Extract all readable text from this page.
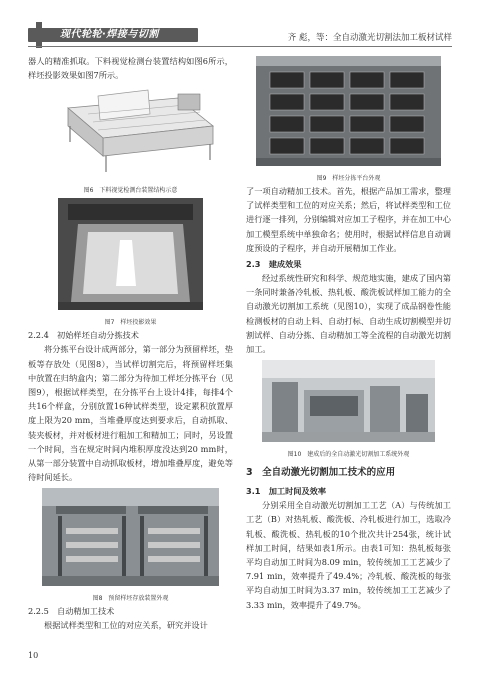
现代轮轮·焊接与切割	齐 彪，等：全自动激光切割法加工板材试样

器人的精准抓取。下料视觉检测台装置结构如图6所示，样坯投影效果如图7所示。

图6　下料视觉检测台装置结构示意
图7　样坯投影效果
2.2.4　初始样坯自动分拣技术

将分拣平台设计成两部分，第一部分为预留样坯，垫板等存放处（见图8），当试样切割完后，将预留样坯集中放置在归纳盒内；第二部分为待加工样坯分拣平台（见图9），根据试样类型，在分拣平台上设计4排，每排4个共16个样盒，分别放置16种试样类型，设定累积放置厚度上限为20 mm，当堆叠厚度达到要求后，自动抓取、装夹板材，并对板材进行粗加工和精加工；同时，另设置一个时间，当在规定时间内堆积厚度没达到20 mm时，从第一部分装置中自动抓取板材，增加堆叠厚度，避免等待时间延长。

图8　预留样坯存放装置外观
2.2.5　自动精加工技术

根据试样类型和工位的对应关系，研究并设计

图9　样坯分拣平台外观

了一项自动精加工技术。首先，根据产品加工需求，整理了试样类型和工位的对应关系；然后，将试样类型和工位进行逐一排列，分别编辑对应加工子程序，并在加工中心加工模型系统中单独命名；使用时，根据试样信息自动调度预设的子程序，并自动开展精加工作业。

2.3　建成效果

经过系统性研究和科学、规范地实施，建成了国内第一条同时兼备冷轧板、热轧板、酸洗板试样加工能力的全自动激光切割加工系统（见图10），实现了成品钢卷性能检测板材的自动上料、自动打标、自动生成切割模型并切割试样、自动分拣、自动精加工等全流程的自动激光切割加工。

图10　建成后的全自动激光切割加工系统外观
3　全自动激光切割加工技术的应用
3.1　加工时间及效率

分别采用全自动激光切割加工工艺（A）与传统加工工艺（B）对热轧板、酸洗板、冷轧板进行加工，选取冷轧板、酸洗板、热轧板的10个批次共计254张，统计试样加工时间，结果如表1所示。由表1可知：热轧板每张平均自动加工时间为8.09 min，较传统加工工艺减少了7.91 min，效率提升了49.4%；冷轧板、酸洗板的每张平均自动加工时间为3.37 min，较传统加工工艺减少了3.33 min，效率提升了49.7%。

10
